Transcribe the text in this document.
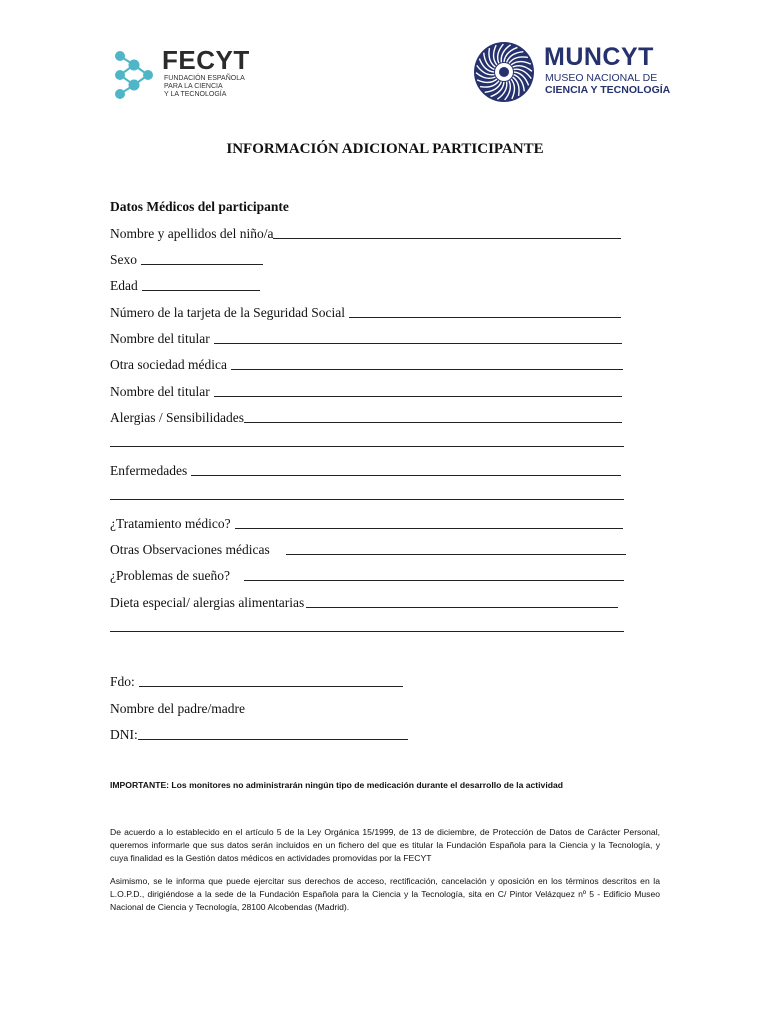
FECYT
FUNDACIÓN ESPAÑOLA
PARA LA CIENCIA
Y LA TECNOLOGÍA
MUNCYT
MUSEO NACIONAL DE
CIENCIA Y TECNOLOGÍA
INFORMACIÓN ADICIONAL PARTICIPANTE
Datos Médicos del participante
Nombre y apellidos del niño/a
Sexo
Edad
Número de la tarjeta de la Seguridad Social
Nombre del titular
Otra sociedad médica
Nombre del titular
Alergias / Sensibilidades
Enfermedades
¿Tratamiento médico?
Otras Observaciones médicas
¿Problemas de sueño?
Dieta especial/ alergias alimentarias
Fdo:
Nombre del padre/madre
DNI:
IMPORTANTE: Los monitores no administrarán ningún tipo de medicación durante el desarrollo de la actividad
De acuerdo a lo establecido en el artículo 5 de la Ley Orgánica 15/1999, de 13 de diciembre, de Protección de Datos de Carácter Personal, queremos informarle que sus datos serán incluidos en un fichero del que es titular la Fundación Española para la Ciencia y la Tecnología, y cuya finalidad es la Gestión datos médicos en actividades promovidas por la FECYT
Asimismo, se le informa que puede ejercitar sus derechos de acceso, rectificación, cancelación y oposición en los términos descritos en la L.O.P.D., dirigiéndose a la sede de la Fundación Española para la Ciencia y la Tecnología, sita en C/ Pintor Velázquez nº 5 - Edificio Museo Nacional de Ciencia y Tecnología, 28100 Alcobendas (Madrid).
